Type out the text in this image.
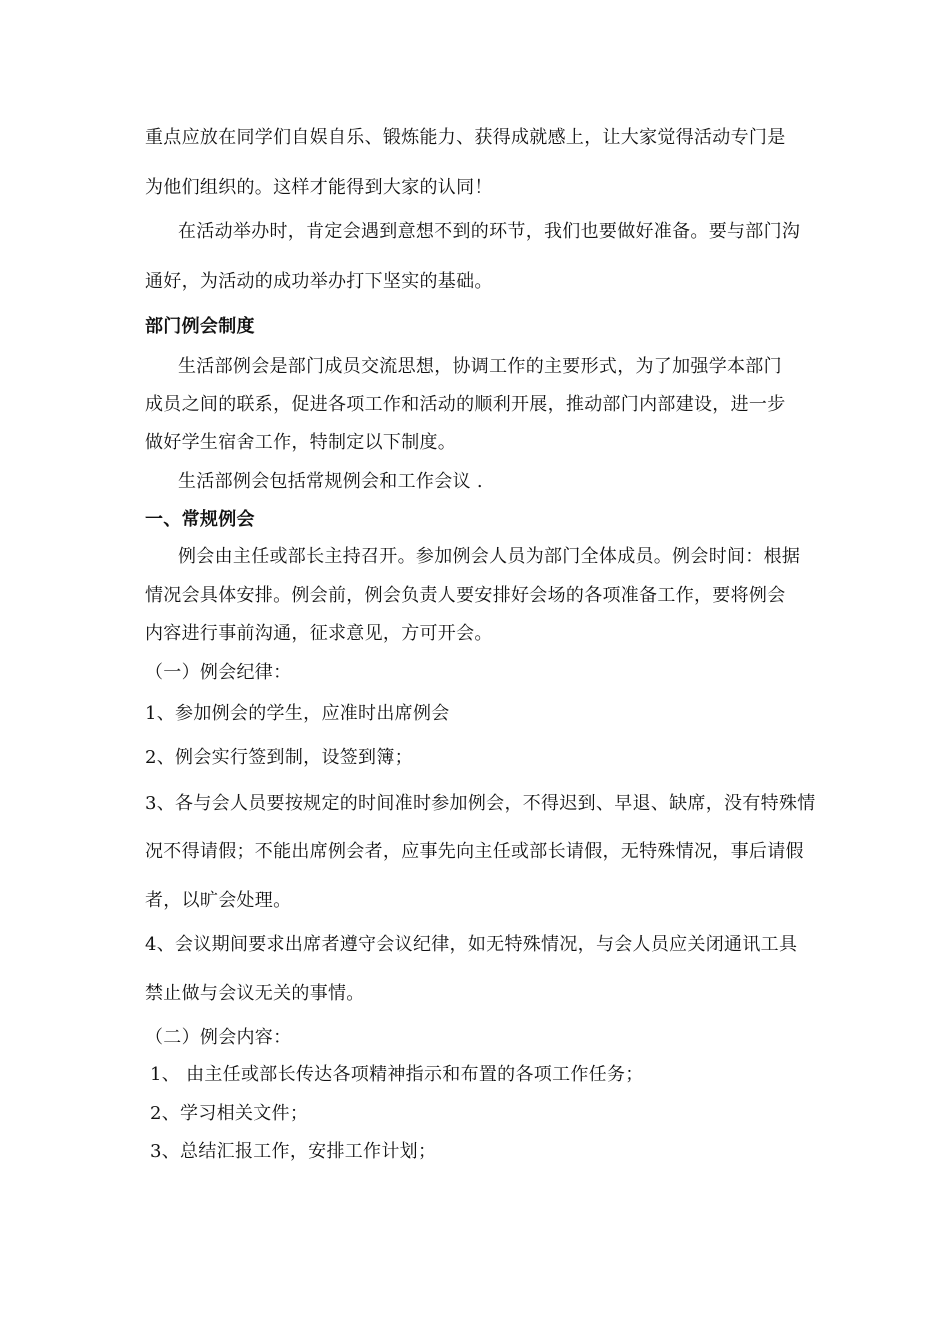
重点应放在同学们自娱自乐、锻炼能力、获得成就感上，让大家觉得活动专门是
为他们组织的。这样才能得到大家的认同！
在活动举办时，肯定会遇到意想不到的环节，我们也要做好准备。要与部门沟
通好，为活动的成功举办打下坚实的基础。
部门例会制度
生活部例会是部门成员交流思想，协调工作的主要形式，为了加强学本部门
成员之间的联系，促进各项工作和活动的顺利开展，推动部门内部建设，进一步
做好学生宿舍工作，特制定以下制度。
生活部例会包括常规例会和工作会议 .
一、常规例会
例会由主任或部长主持召开。参加例会人员为部门全体成员。例会时间：根据
情况会具体安排。例会前，例会负责人要安排好会场的各项准备工作，要将例会
内容进行事前沟通，征求意见，方可开会。
（一）例会纪律：
1、参加例会的学生，应准时出席例会
2、例会实行签到制，设签到簿；
3、各与会人员要按规定的时间准时参加例会，不得迟到、早退、缺席，没有特殊情
况不得请假；不能出席例会者，应事先向主任或部长请假，无特殊情况，事后请假
者，以旷会处理。
4、会议期间要求出席者遵守会议纪律，如无特殊情况，与会人员应关闭通讯工具
禁止做与会议无关的事情。
（二）例会内容：
1、 由主任或部长传达各项精神指示和布置的各项工作任务；
2、学习相关文件；
3、总结汇报工作，安排工作计划；
